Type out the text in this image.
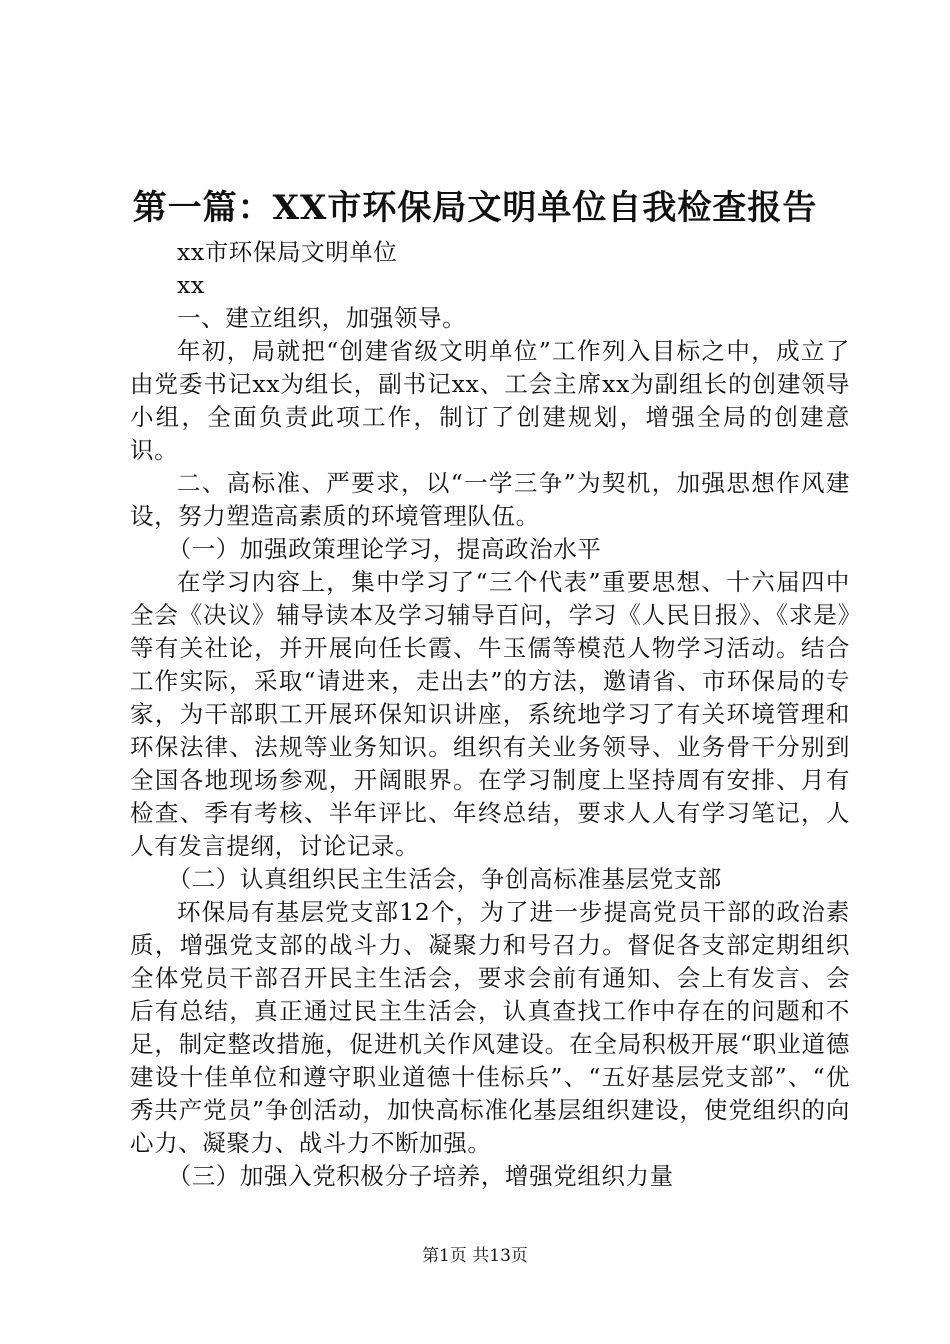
第一篇：XX市环保局文明单位自我检查报告

xx市环保局文明单位

xx

一、建立组织，加强领导。

年初，局就把“创建省级文明单位”工作列入目标之中，成立了由党委书记xx为组长，副书记xx、工会主席xx为副组长的创建领导小组，全面负责此项工作，制订了创建规划，增强全局的创建意识。

二、高标准、严要求，以“一学三争”为契机，加强思想作风建设，努力塑造高素质的环境管理队伍。

（一）加强政策理论学习，提高政治水平

在学习内容上，集中学习了“三个代表”重要思想、十六届四中全会《决议》辅导读本及学习辅导百问，学习《人民日报》、《求是》等有关社论，并开展向任长霞、牛玉儒等模范人物学习活动。结合工作实际，采取“请进来，走出去”的方法，邀请省、市环保局的专家，为干部职工开展环保知识讲座，系统地学习了有关环境管理和环保法律、法规等业务知识。组织有关业务领导、业务骨干分别到全国各地现场参观，开阔眼界。在学习制度上坚持周有安排、月有检查、季有考核、半年评比、年终总结，要求人人有学习笔记，人人有发言提纲，讨论记录。

（二）认真组织民主生活会，争创高标准基层党支部

环保局有基层党支部12个，为了进一步提高党员干部的政治素质，增强党支部的战斗力、凝聚力和号召力。督促各支部定期组织全体党员干部召开民主生活会，要求会前有通知、会上有发言、会后有总结，真正通过民主生活会，认真查找工作中存在的问题和不足，制定整改措施，促进机关作风建设。在全局积极开展“职业道德建设十佳单位和遵守职业道德十佳标兵”、“五好基层党支部”、“优秀共产党员”争创活动，加快高标准化基层组织建设，使党组织的向心力、凝聚力、战斗力不断加强。

（三）加强入党积极分子培养，增强党组织力量

第1页 共13页
